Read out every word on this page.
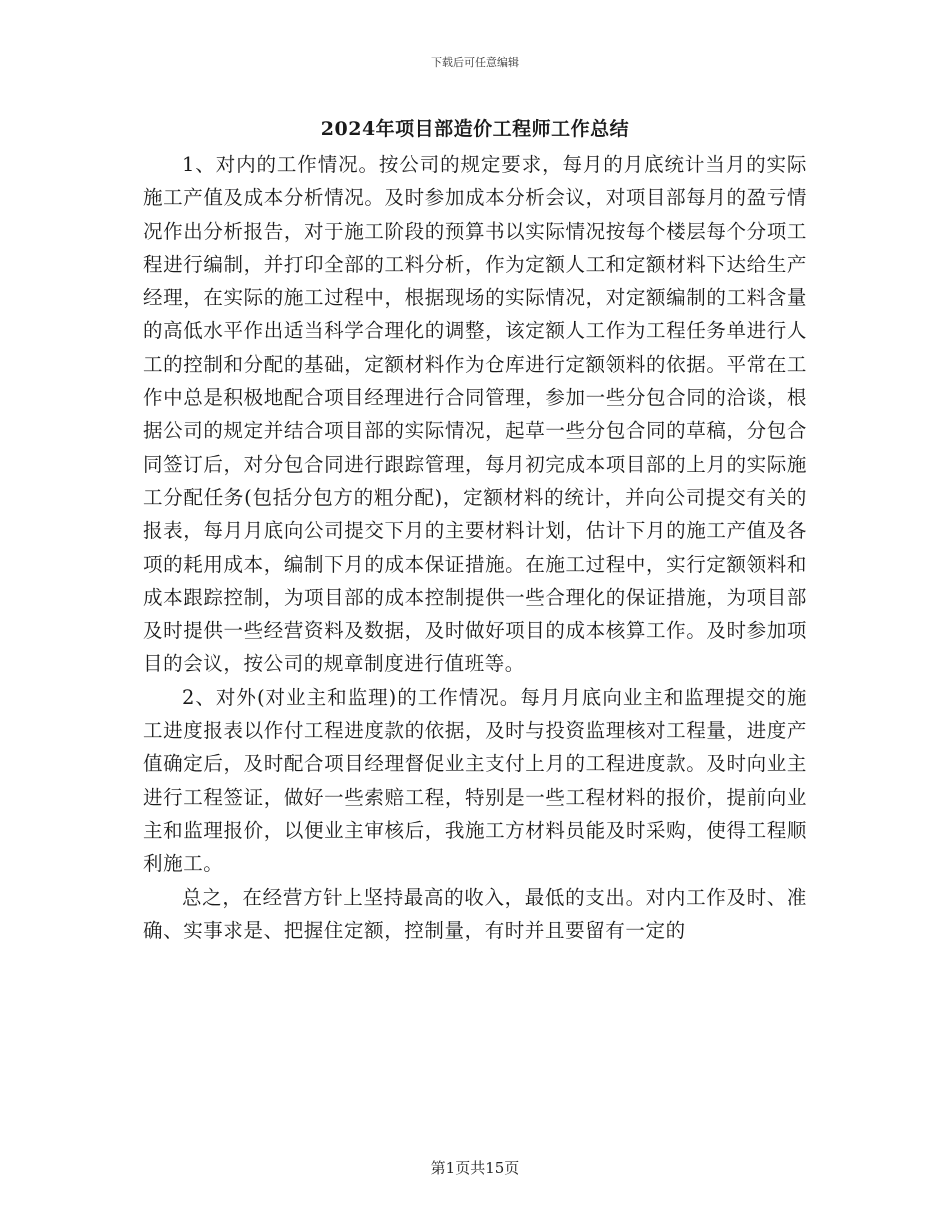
下载后可任意编辑
2024年项目部造价工程师工作总结

1、对内的工作情况。按公司的规定要求，每月的月底统计当月的实际施工产值及成本分析情况。及时参加成本分析会议，对项目部每月的盈亏情况作出分析报告，对于施工阶段的预算书以实际情况按每个楼层每个分项工程进行编制，并打印全部的工料分析，作为定额人工和定额材料下达给生产经理，在实际的施工过程中，根据现场的实际情况，对定额编制的工料含量的高低水平作出适当科学合理化的调整，该定额人工作为工程任务单进行人工的控制和分配的基础，定额材料作为仓库进行定额领料的依据。平常在工作中总是积极地配合项目经理进行合同管理，参加一些分包合同的洽谈，根据公司的规定并结合项目部的实际情况，起草一些分包合同的草稿，分包合同签订后，对分包合同进行跟踪管理，每月初完成本项目部的上月的实际施工分配任务(包括分包方的粗分配)，定额材料的统计，并向公司提交有关的报表，每月月底向公司提交下月的主要材料计划，估计下月的施工产值及各项的耗用成本，编制下月的成本保证措施。在施工过程中，实行定额领料和成本跟踪控制，为项目部的成本控制提供一些合理化的保证措施，为项目部及时提供一些经营资料及数据，及时做好项目的成本核算工作。及时参加项目的会议，按公司的规章制度进行值班等。

2、对外(对业主和监理)的工作情况。每月月底向业主和监理提交的施工进度报表以作付工程进度款的依据，及时与投资监理核对工程量，进度产值确定后，及时配合项目经理督促业主支付上月的工程进度款。及时向业主进行工程签证，做好一些索赔工程，特别是一些工程材料的报价，提前向业主和监理报价，以便业主审核后，我施工方材料员能及时采购，使得工程顺利施工。

总之，在经营方针上坚持最高的收入，最低的支出。对内工作及时、准确、实事求是、把握住定额，控制量，有时并且要留有一定的

第1页共15页
